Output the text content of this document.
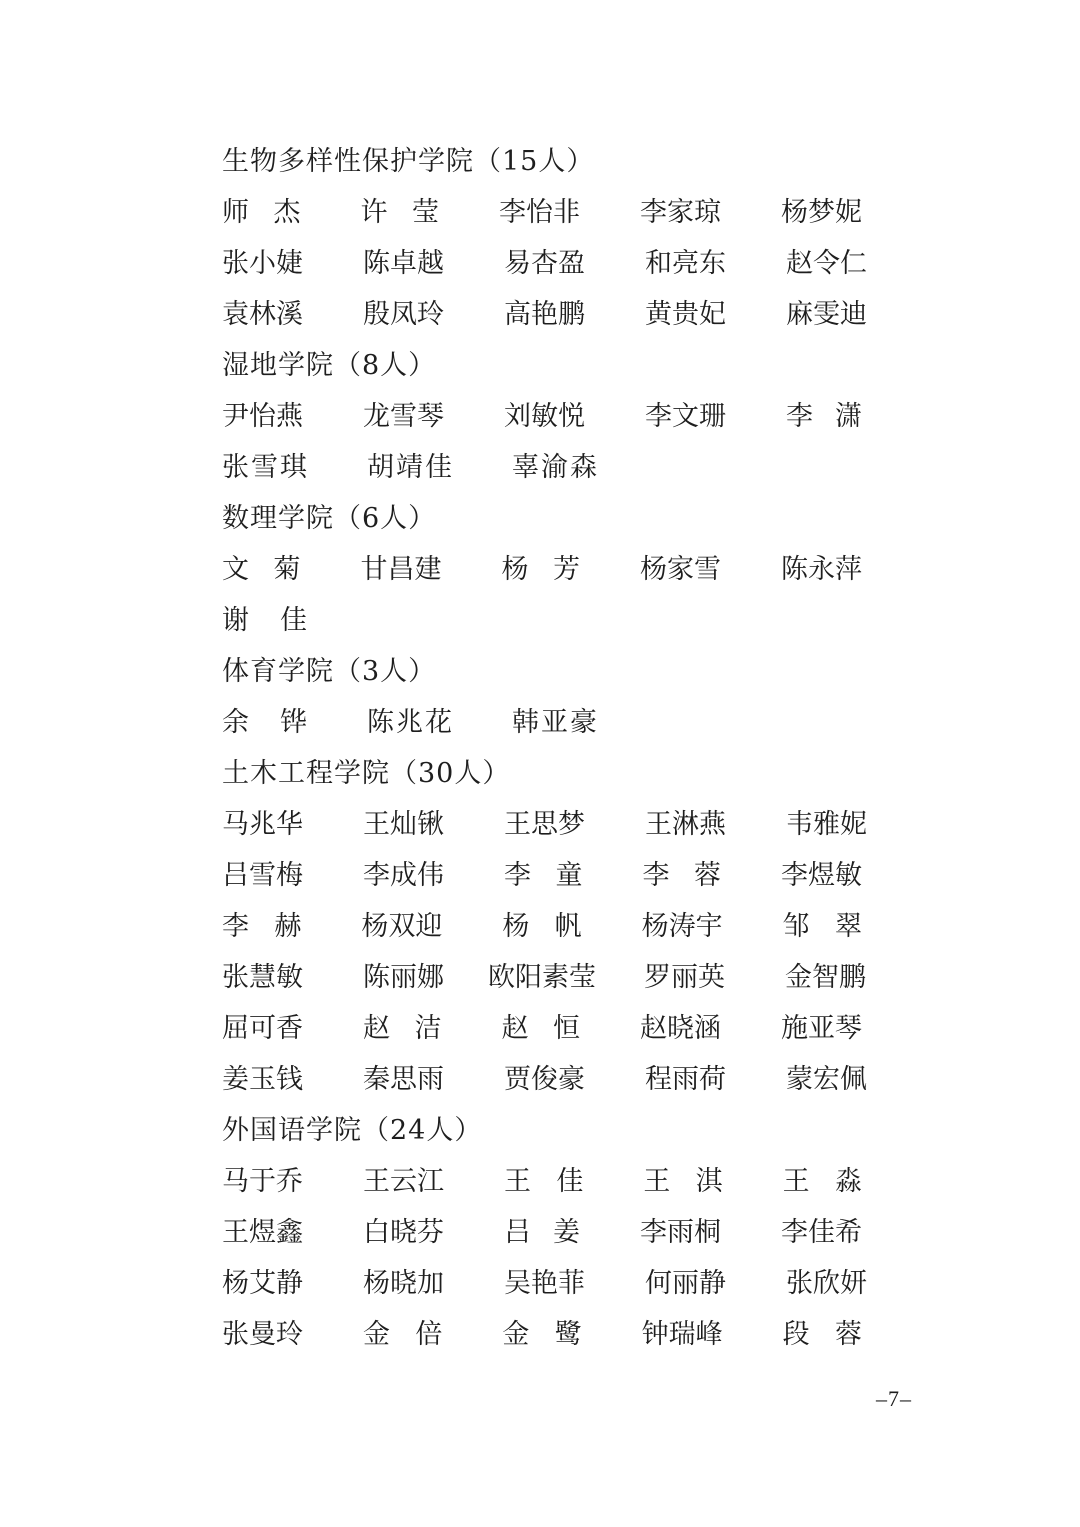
生物多样性保护学院（15人）
师 杰 许 莹 李 怡 非 李 家 琼 杨 梦 妮
张 小 婕 陈 卓 越 易 杏 盈 和 亮 东 赵 令 仁
袁 林 溪 殷 凤 玲 高 艳 鹏 黄 贵 妃 麻 雯 迪
湿地学院（8人）
尹 怡 燕 龙 雪 琴 刘 敏 悦 李 文 珊 李 潇
张 雪 琪 胡 靖 佳 辜 渝 森
数理学院（6人）
文 菊 甘 昌 建 杨 芳 杨 家 雪 陈 永 萍
谢 佳
体育学院（3人）
余 铧 陈 兆 花 韩 亚 豪
土木工程学院（30人）
马 兆 华 王 灿 锹 王 思 梦 王 淋 燕 韦 雅 妮
吕 雪 梅 李 成 伟 李 童 李 蓉 李 煜 敏
李 赫 杨 双 迎 杨 帆 杨 涛 宇 邹 翠
张 慧 敏 陈 丽 娜 欧 阳 素 莹 罗 丽 英 金 智 鹏
屈 可 香 赵 洁 赵 恒 赵 晓 涵 施 亚 琴
姜 玉 钱 秦 思 雨 贾 俊 豪 程 雨 荷 蒙 宏 佩
外国语学院（24人）
马 于 乔 王 云 江 王 佳 王 淇 王 淼
王 煜 鑫 白 晓 芬 吕 姜 李 雨 桐 李 佳 希
杨 艾 静 杨 晓 加 吴 艳 菲 何 丽 静 张 欣 妍
张 曼 玲 金 倍 金 鹭 钟 瑞 峰 段 蓉
–7–
